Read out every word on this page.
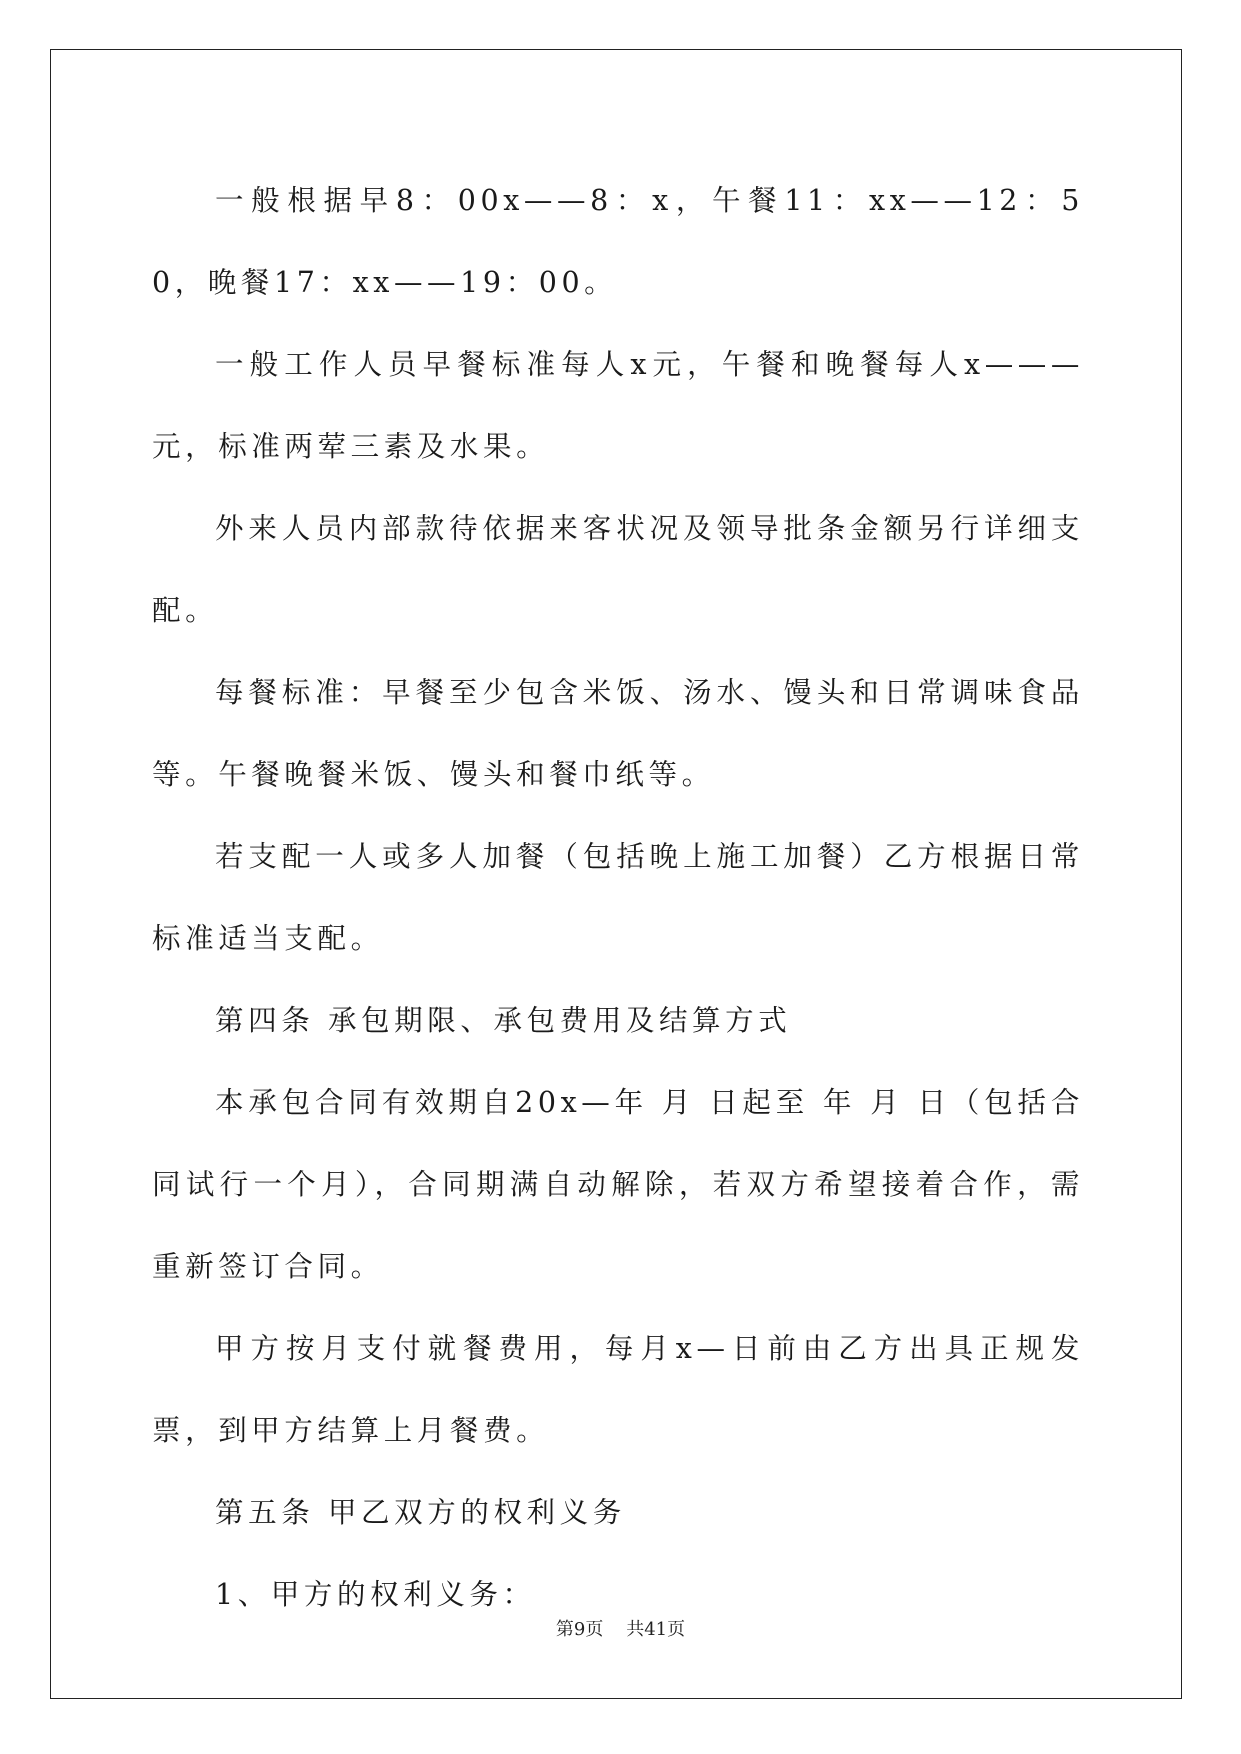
一般根据早8：00x——8：x，午餐11：xx——12：50，晚餐17：xx——19：00。

一般工作人员早餐标准每人x元，午餐和晚餐每人x———元，标准两荤三素及水果。

外来人员内部款待依据来客状况及领导批条金额另行详细支配。

每餐标准：早餐至少包含米饭、汤水、馒头和日常调味食品等。午餐晚餐米饭、馒头和餐巾纸等。

若支配一人或多人加餐（包括晚上施工加餐）乙方根据日常标准适当支配。

第四条 承包期限、承包费用及结算方式

本承包合同有效期自20x—年 月 日起至 年 月 日（包括合同试行一个月），合同期满自动解除，若双方希望接着合作，需重新签订合同。

甲方按月支付就餐费用，每月x—日前由乙方出具正规发票，到甲方结算上月餐费。

第五条 甲乙双方的权利义务

1、甲方的权利义务：

第9页 共41页
